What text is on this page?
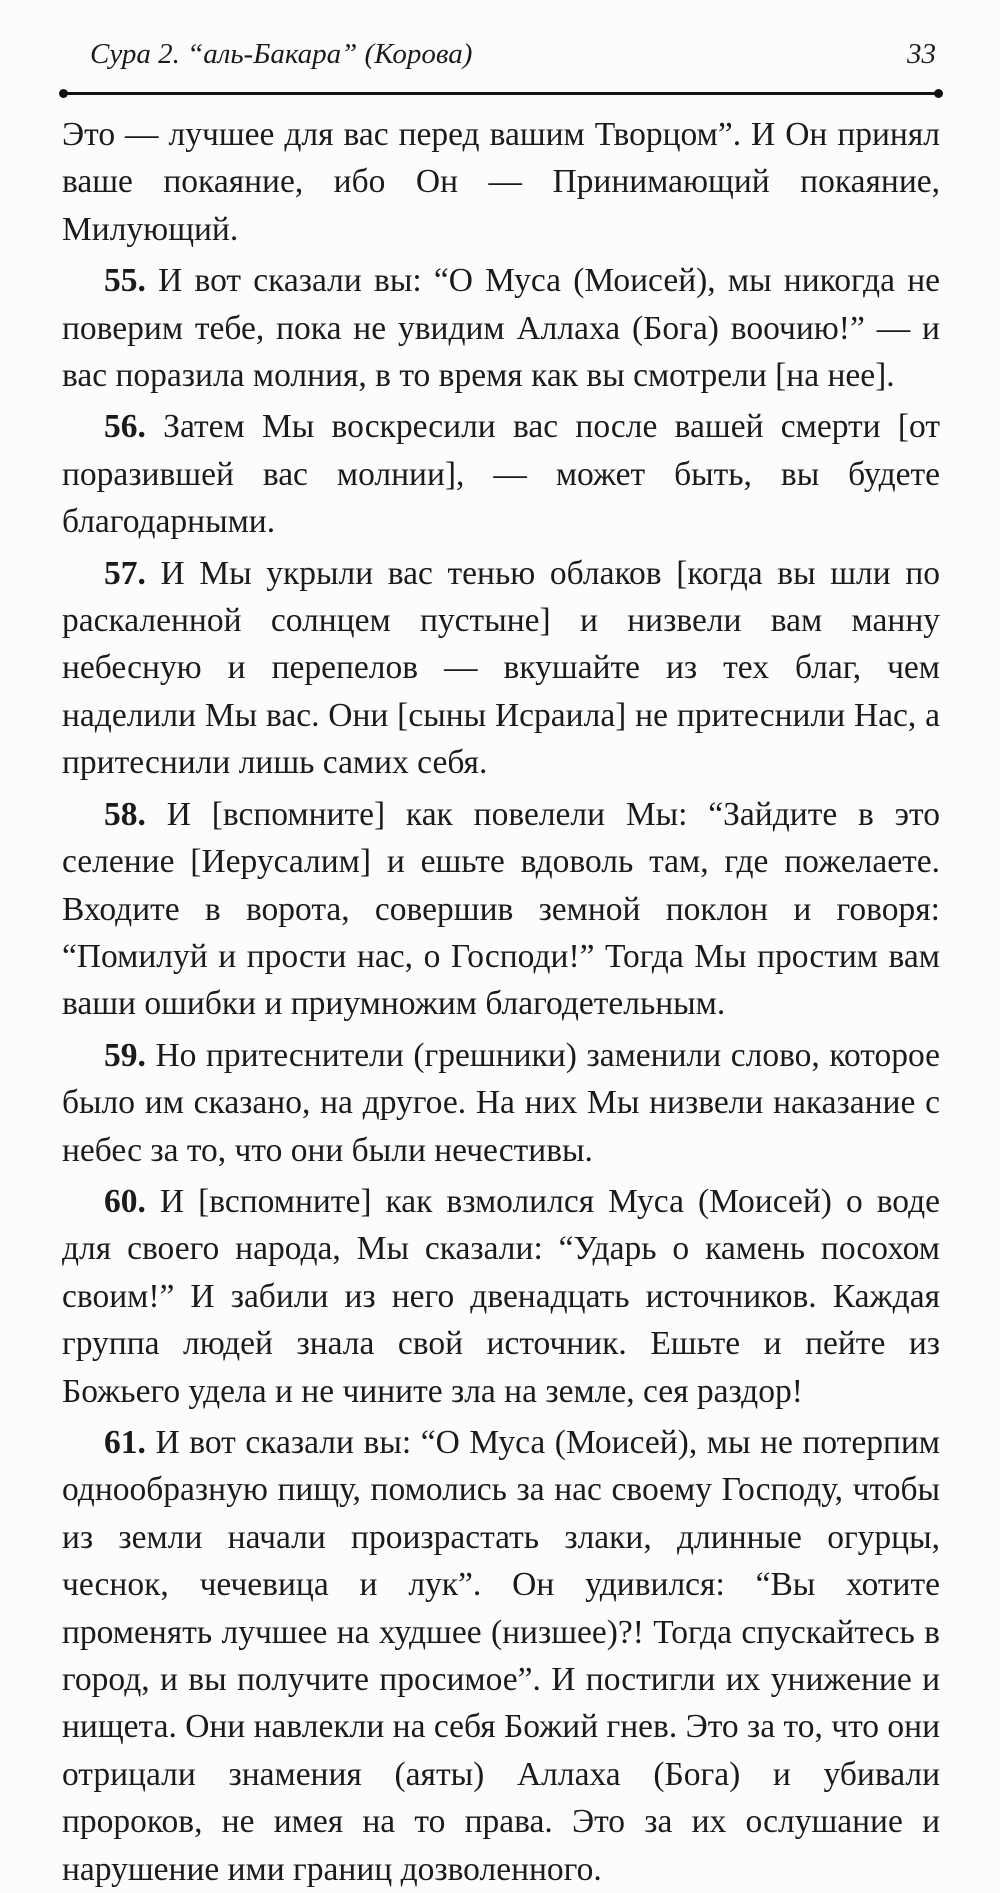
Сура 2. “аль-Бакара” (Корова)	33

Это — лучшее для вас перед вашим Творцом”. И Он принял ваше покаяние, ибо Он — Принимающий покаяние, Милующий.

55. И вот сказали вы: “О Муса (Моисей), мы никогда не поверим тебе, пока не увидим Аллаха (Бога) воочию!” — и вас поразила молния, в то время как вы смотрели [на нее].

56. Затем Мы воскресили вас после вашей смерти [от поразившей вас молнии], — может быть, вы будете благодарными.

57. И Мы укрыли вас тенью облаков [когда вы шли по раскаленной солнцем пустыне] и низвели вам манну небесную и перепелов — вкушайте из тех благ, чем наделили Мы вас. Они [сыны Исраила] не притеснили Нас, а притеснили лишь самих себя.

58. И [вспомните] как повелели Мы: “Зайдите в это селение [Иерусалим] и ешьте вдоволь там, где пожелаете. Входите в ворота, совершив земной поклон и говоря: “Помилуй и прости нас, о Господи!” Тогда Мы простим вам ваши ошибки и приумножим благодетельным.

59. Но притеснители (грешники) заменили слово, которое было им сказано, на другое. На них Мы низвели наказание с небес за то, что они были нечестивы.

60. И [вспомните] как взмолился Муса (Моисей) о воде для своего народа, Мы сказали: “Ударь о камень посохом своим!” И забили из него двенадцать источников. Каждая группа людей знала свой источник. Ешьте и пейте из Божьего удела и не чините зла на земле, сея раздор!

61. И вот сказали вы: “О Муса (Моисей), мы не потерпим однообразную пищу, помолись за нас своему Господу, чтобы из земли начали произрастать злаки, длинные огурцы, чеснок, чечевица и лук”. Он удивился: “Вы хотите променять лучшее на худшее (низшее)?! Тогда спускайтесь в город, и вы получите просимое”. И постигли их унижение и нищета. Они навлекли на себя Божий гнев. Это за то, что они отрицали знамения (аяты) Аллаха (Бога) и убивали пророков, не имея на то права. Это за их ослушание и нарушение ими границ дозволенного.
